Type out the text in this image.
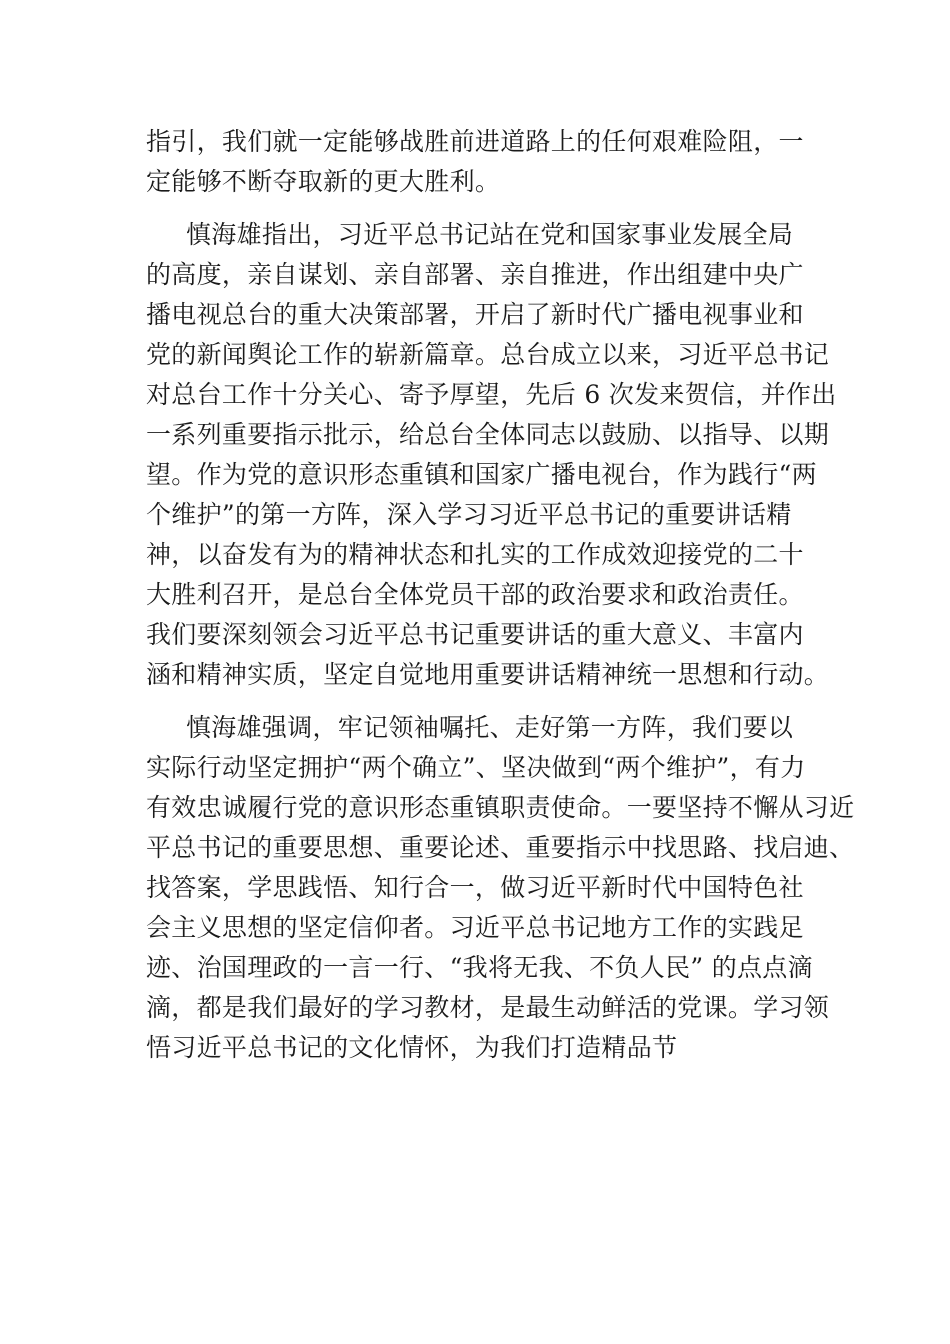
指引，我们就一定能够战胜前进道路上的任何艰难险阻，一
定能够不断夺取新的更大胜利。
慎海雄指出，习近平总书记站在党和国家事业发展全局
的高度，亲自谋划、亲自部署、亲自推进，作出组建中央广
播电视总台的重大决策部署，开启了新时代广播电视事业和
党的新闻舆论工作的崭新篇章。总台成立以来，习近平总书记
对总台工作十分关心、寄予厚望，先后 6 次发来贺信，并作出
一系列重要指示批示，给总台全体同志以鼓励、以指导、以期
望。作为党的意识形态重镇和国家广播电视台，作为践行“两
个维护”的第一方阵，深入学习习近平总书记的重要讲话精
神，以奋发有为的精神状态和扎实的工作成效迎接党的二十
大胜利召开，是总台全体党员干部的政治要求和政治责任。
我们要深刻领会习近平总书记重要讲话的重大意义、丰富内
涵和精神实质，坚定自觉地用重要讲话精神统一思想和行动。
慎海雄强调，牢记领袖嘱托、走好第一方阵，我们要以
实际行动坚定拥护“两个确立”、坚决做到“两个维护”，有力
有效忠诚履行党的意识形态重镇职责使命。一要坚持不懈从习近
平总书记的重要思想、重要论述、重要指示中找思路、找启迪、
找答案，学思践悟、知行合一，做习近平新时代中国特色社
会主义思想的坚定信仰者。习近平总书记地方工作的实践足
迹、治国理政的一言一行、“我将无我、不负人民” 的点点滴
滴，都是我们最好的学习教材，是最生动鲜活的党课。学习领
悟习近平总书记的文化情怀，为我们打造精品节
